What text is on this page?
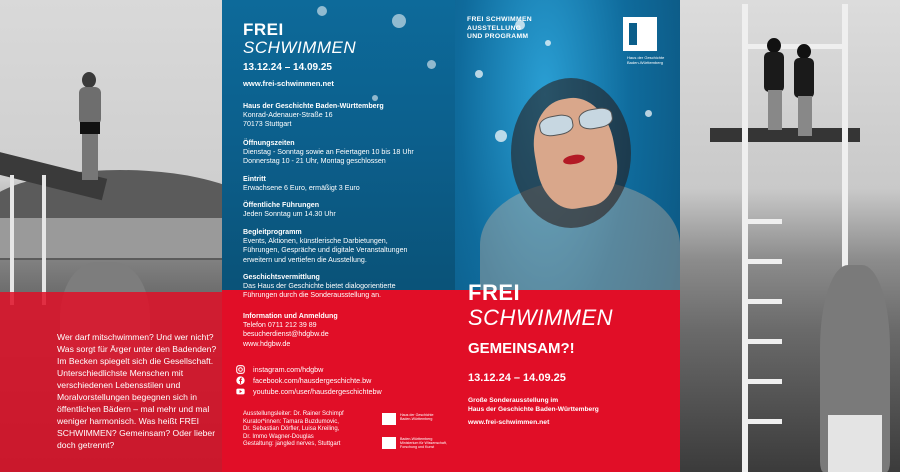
Wer darf mitschwimmen? Und wer nicht? Was sorgt für Ärger unter den Badenden? Im Becken spiegelt sich die Gesellschaft. Unterschiedlichste Menschen mit verschiedenen Lebensstilen und Moralvorstellungen begegnen sich in öffentlichen Bädern – mal mehr und mal weniger harmonisch. Was heißt FREI SCHWIMMEN? Gemeinsam? Oder lieber doch getrennt?

FREI

SCHWIMMEN

13.12.24 – 14.09.25

www.frei-schwimmen.net

Haus der Geschichte Baden-Württemberg
Konrad-Adenauer-Straße 16
70173 Stuttgart
Öffnungszeiten
Dienstag - Sonntag sowie an Feiertagen 10 bis 18 Uhr
Donnerstag 10 - 21 Uhr, Montag geschlossen
Eintritt
Erwachsene 6 Euro, ermäßigt 3 Euro
Öffentliche Führungen
Jeden Sonntag um 14.30 Uhr
Begleitprogramm
Events, Aktionen, künstlerische Darbietungen,
Führungen, Gespräche und digitale Veranstaltungen
erweitern und vertiefen die Ausstellung.
Geschichtsvermittlung
Das Haus der Geschichte bietet dialogorientierte
Führungen durch die Sonderausstellung an.
Information und Anmeldung
Telefon 0711 212 39 89
besucherdienst@hdgbw.de
www.hdgbw.de
instagram.com/hdgbw
facebook.com/hausdergeschichte.bw
youtube.com/user/hausdergeschichtebw
Ausstellungsleiter: Dr. Rainer Schimpf
Kurator*innen: Tamara Buzdumovic,
Dr. Sebastian Dörfler, Luisa Kreiling,
Dr. Immo Wagner-Douglas
Gestaltung: jangled nerves, Stuttgart
Haus der Geschichte Baden-Württemberg
Baden-Württemberg Ministerium für Wissenschaft, Forschung und Kunst

FREI SCHWIMMEN
AUSSTELLUNG
UND PROGRAMM

Haus der Geschichte Baden-Württemberg

FREI

SCHWIMMEN

GEMEINSAM?!

13.12.24 – 14.09.25

Große Sonderausstellung im
Haus der Geschichte Baden-Württemberg

www.frei-schwimmen.net
